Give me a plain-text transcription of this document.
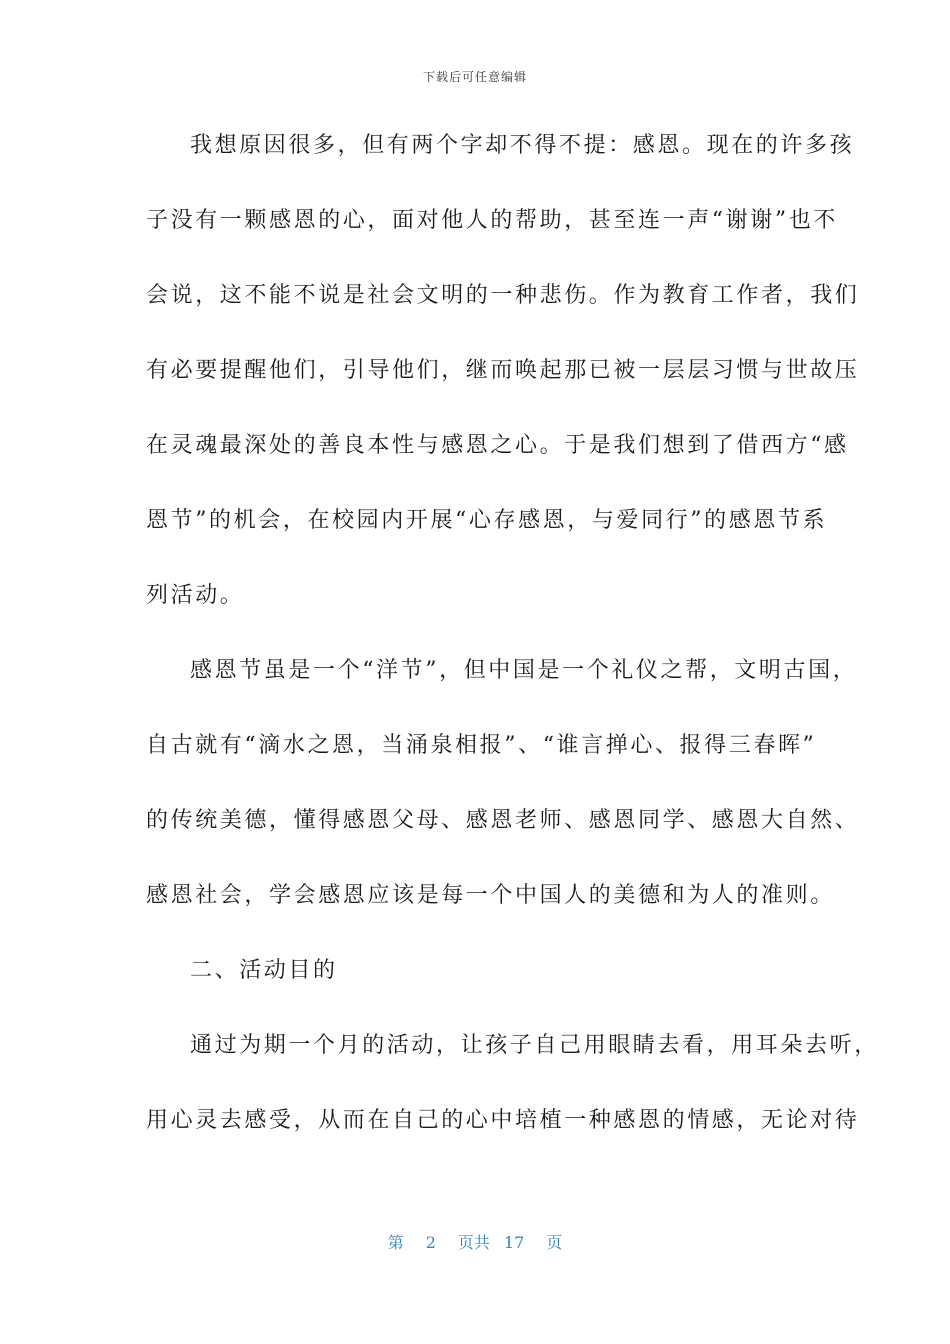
下载后可任意编辑
我想原因很多，但有两个字却不得不提：感恩。现在的许多孩
子没有一颗感恩的心，面对他人的帮助，甚至连一声“谢谢”也不
会说，这不能不说是社会文明的一种悲伤。作为教育工作者，我们
有必要提醒他们，引导他们，继而唤起那已被一层层习惯与世故压
在灵魂最深处的善良本性与感恩之心。于是我们想到了借西方“感
恩节”的机会，在校园内开展“心存感恩，与爱同行”的感恩节系
列活动。
感恩节虽是一个“洋节”，但中国是一个礼仪之帮，文明古国，
自古就有“滴水之恩，当涌泉相报”、“谁言掸心、报得三春晖”
的传统美德，懂得感恩父母、感恩老师、感恩同学、感恩大自然、
感恩社会，学会感恩应该是每一个中国人的美德和为人的准则。
二、活动目的
通过为期一个月的活动，让孩子自己用眼睛去看，用耳朵去听，
用心灵去感受，从而在自己的心中培植一种感恩的情感，无论对待
第 2 页共 17 页
